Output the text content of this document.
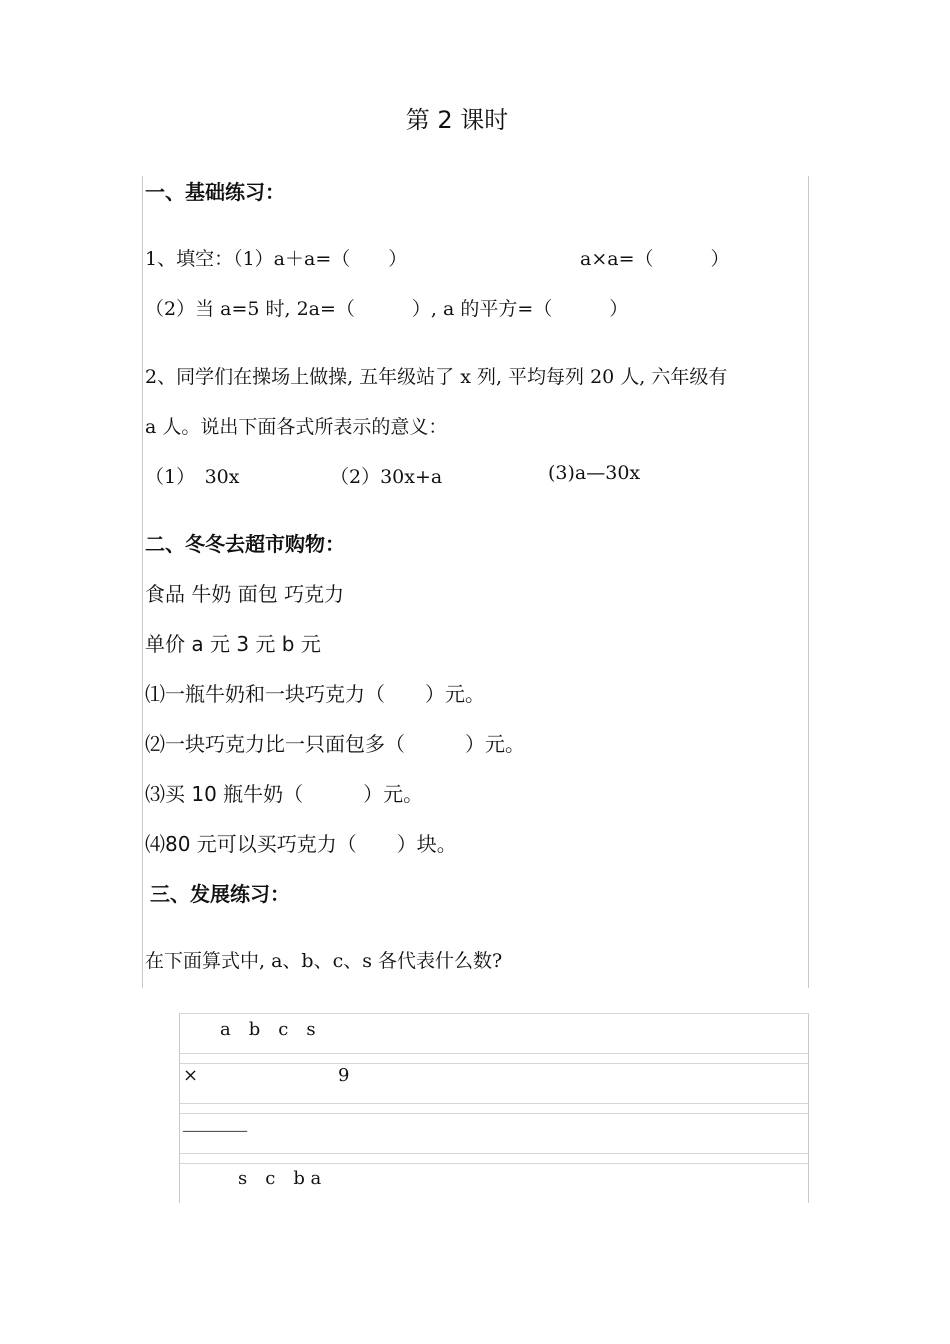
第 2 课时
一、基础练习：
1、填空：（1）a＋a=（　　）	a×a=（　　　）
（2）当 a=5 时, 2a=（　　　）, a 的平方=（　　　）
2、同学们在操场上做操, 五年级站了 x 列, 平均每列 20 人, 六年级有
a 人。说出下面各式所表示的意义：
（1）　30x	（2）30x+a	(3)a—30x
二、冬冬去超市购物：
食品 牛奶 面包 巧克力
单价 a 元 3 元 b 元
⑴一瓶牛奶和一块巧克力（　　）元。
⑵一块巧克力比一只面包多（　　　）元。
⑶买 10 瓶牛奶（　　　）元。
⑷80 元可以买巧克力（　　）块。
三、发展练习：
在下面算式中, a、b、c、s 各代表什么数?
a　b　c　s
×	9
————
s　c　b a
